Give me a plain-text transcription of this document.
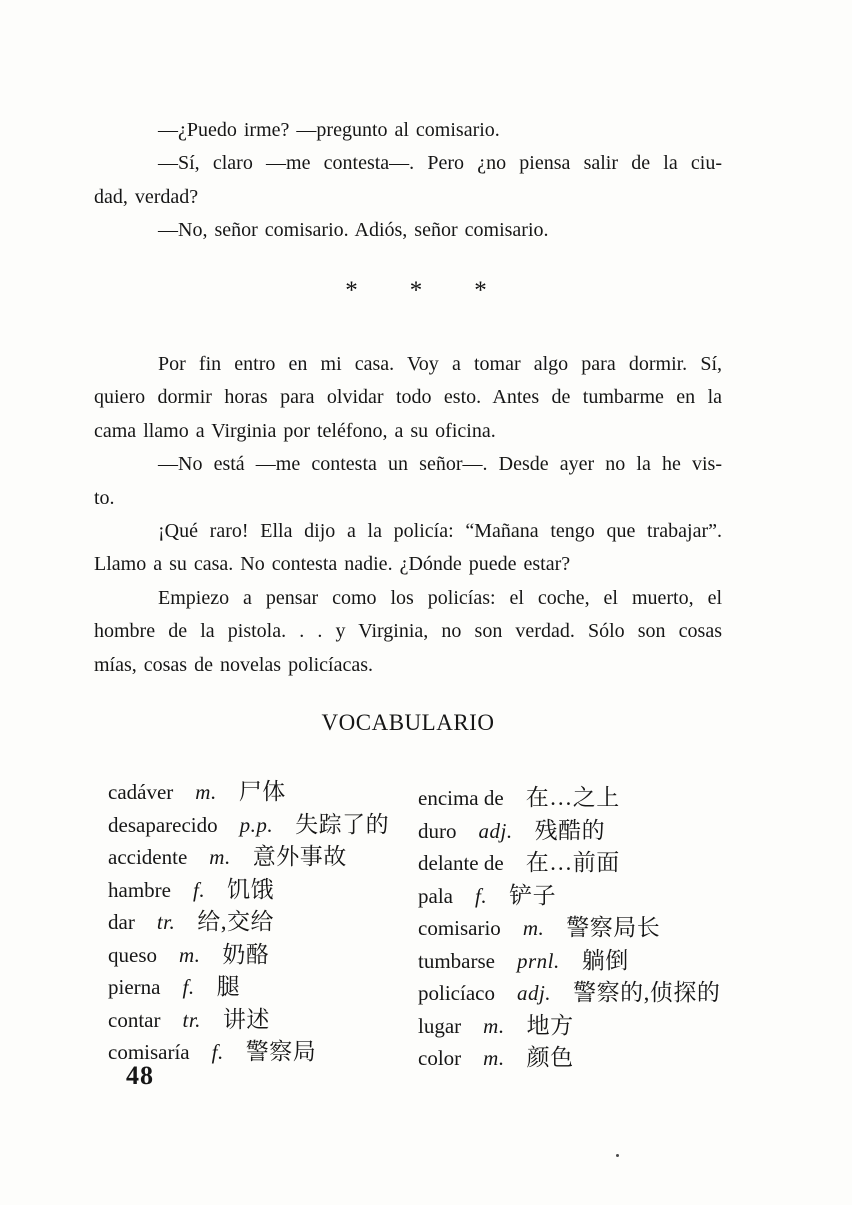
—¿Puedo irme? —pregunto al comisario.
—Sí, claro —me contesta—. Pero ¿no piensa salir de la ciu-
dad, verdad?
—No, señor comisario. Adiós, señor comisario.
* * *
Por fin entro en mi casa. Voy a tomar algo para dormir. Sí,
quiero dormir horas para olvidar todo esto. Antes de tumbarme en la
cama llamo a Virginia por teléfono, a su oficina.
—No está —me contesta un señor—. Desde ayer no la he vis-
to.
¡Qué raro! Ella dijo a la policía: “Mañana tengo que trabajar”.
Llamo a su casa. No contesta nadie. ¿Dónde puede estar?
Empiezo a pensar como los policías: el coche, el muerto, el
hombre de la pistola. . . y Virginia, no son verdad. Sólo son cosas
mías, cosas de novelas policíacas.
VOCABULARIO
cadáver m. 尸体
desaparecido p.p. 失踪了的
accidente m. 意外事故
hambre f. 饥饿
dar tr. 给,交给
queso m. 奶酪
pierna f. 腿
contar tr. 讲述
comisaría f. 警察局
encima de 在…之上
duro adj. 残酷的
delante de 在…前面
pala f. 铲子
comisario m. 警察局长
tumbarse prnl. 躺倒
policíaco adj. 警察的,侦探的
lugar m. 地方
color m. 颜色
48
